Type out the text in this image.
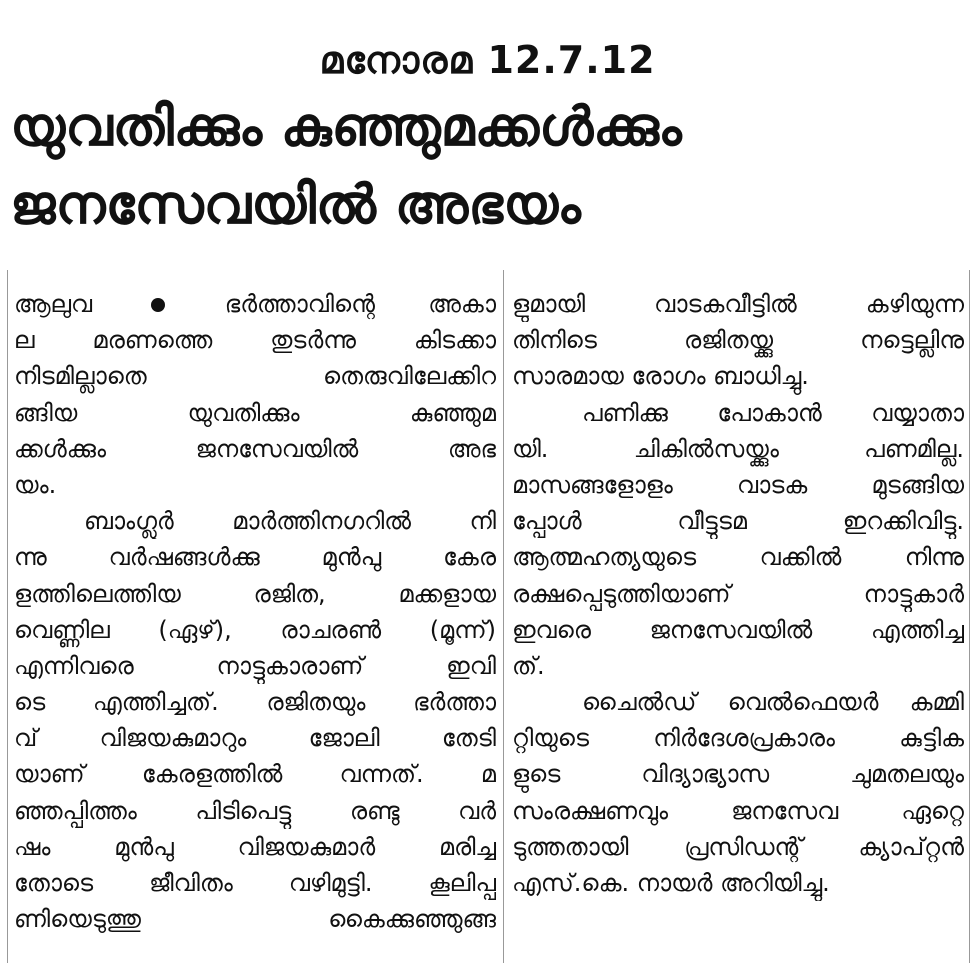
മനോരമ 12.7.12
യുവതിക്കും കുഞ്ഞുമക്കൾക്കും
ജനസേവയിൽ അഭയം
ആലുവ	ഭർത്താവിന്റെ അകാ
ല മരണത്തെ തുടർന്നു കിടക്കാ
നിടമില്ലാതെ തെരുവിലേക്കിറ
ങ്ങിയ യുവതിക്കും കുഞ്ഞുമ
ക്കൾക്കും ജനസേവയിൽ അഭ
യം.
ബാംഗ്ലൂർ മാർത്തിനഗറിൽ നി
ന്നു വർഷങ്ങൾക്കു മുൻപു കേര
ളത്തിലെത്തിയ രജിത, മക്കളായ
വെണ്ണില (ഏഴ്), രാചരൺ (മൂന്ന്)
എന്നിവരെ നാട്ടുകാരാണ് ഇവി
ടെ എത്തിച്ചത്. രജിതയും ഭർത്താ
വ് വിജയകുമാറും ജോലി തേടി
യാണ് കേരളത്തിൽ വന്നത്. മ
ഞ്ഞപ്പിത്തം പിടിപെട്ടു രണ്ടു വർ
ഷം മുൻപു വിജയകുമാർ മരിച്ച
തോടെ ജീവിതം വഴിമുട്ടി. കൂലിപ്പ
ണിയെടുത്തു കൈക്കുഞ്ഞുങ്ങ
ളുമായി വാടകവീട്ടിൽ കഴിയുന്ന
തിനിടെ രജിതയ്ക്കു നട്ടെല്ലിനു
സാരമായ രോഗം ബാധിച്ചു.
പണിക്കു പോകാൻ വയ്യാതാ
യി. ചികിൽസയ്ക്കും പണമില്ല.
മാസങ്ങളോളം വാടക മുടങ്ങിയ
പ്പോൾ വീട്ടുടമ ഇറക്കിവിട്ടു.
ആത്മഹത്യയുടെ വക്കിൽ നിന്നു
രക്ഷപ്പെടുത്തിയാണ് നാട്ടുകാർ
ഇവരെ ജനസേവയിൽ എത്തിച്ച
ത്.
ചൈൽഡ് വെൽഫെയർ കമ്മി
റ്റിയുടെ നിർദേശപ്രകാരം കുട്ടിക
ളുടെ വിദ്യാഭ്യാസ ചുമതലയും
സംരക്ഷണവും ജനസേവ ഏറ്റെ
ടുത്തതായി പ്രസിഡന്റ് ക്യാപ്റ്റൻ
എസ്.കെ. നായർ അറിയിച്ചു.
